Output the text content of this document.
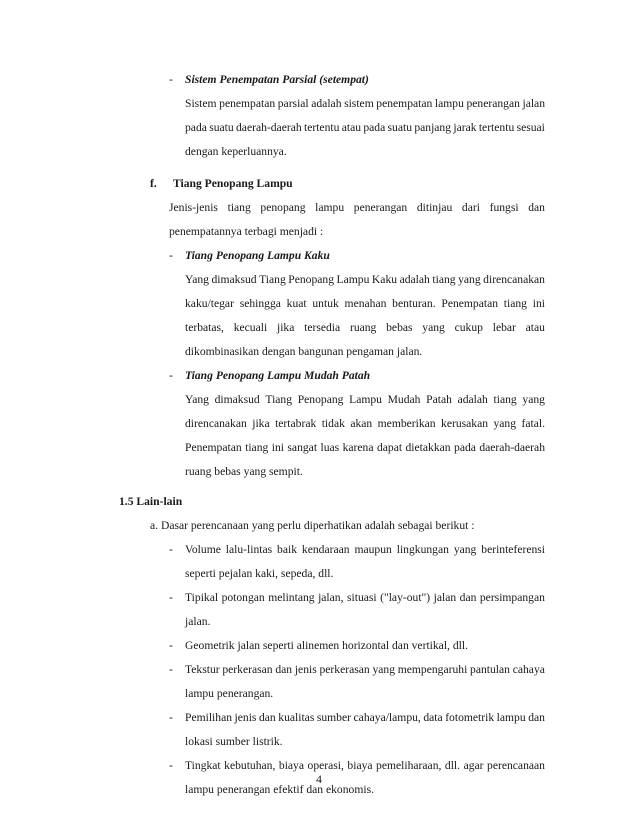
- Sistem Penempatan Parsial (setempat)
Sistem penempatan parsial adalah sistem penempatan lampu penerangan jalan
pada suatu daerah-daerah tertentu atau pada suatu panjang jarak tertentu sesuai
dengan keperluannya.
f. Tiang Penopang Lampu
Jenis-jenis tiang penopang lampu penerangan ditinjau dari fungsi dan
penempatannya terbagi menjadi :
- Tiang Penopang Lampu Kaku
Yang dimaksud Tiang Penopang Lampu Kaku adalah tiang yang direncanakan
kaku/tegar sehingga kuat untuk menahan benturan. Penempatan tiang ini
terbatas, kecuali jika tersedia ruang bebas yang cukup lebar atau
dikombinasikan dengan bangunan pengaman jalan.
- Tiang Penopang Lampu Mudah Patah
Yang dimaksud Tiang Penopang Lampu Mudah Patah adalah tiang yang
direncanakan jika tertabrak tidak akan memberikan kerusakan yang fatal.
Penempatan tiang ini sangat luas karena dapat dietakkan pada daerah-daerah
ruang bebas yang sempit.
1.5 Lain-lain
a. Dasar perencanaan yang perlu diperhatikan adalah sebagai berikut :
- Volume lalu-lintas baik kendaraan maupun lingkungan yang berinteferensi
seperti pejalan kaki, sepeda, dll.
- Tipikal potongan melintang jalan, situasi ("lay-out") jalan dan persimpangan
jalan.
- Geometrik jalan seperti alinemen horizontal dan vertikal, dll.
- Tekstur perkerasan dan jenis perkerasan yang mempengaruhi pantulan cahaya
lampu penerangan.
- Pemilihan jenis dan kualitas sumber cahaya/lampu, data fotometrik lampu dan
lokasi sumber listrik.
- Tingkat kebutuhan, biaya operasi, biaya pemeliharaan, dll. agar perencanaan
lampu penerangan efektif dan ekonomis.
4
